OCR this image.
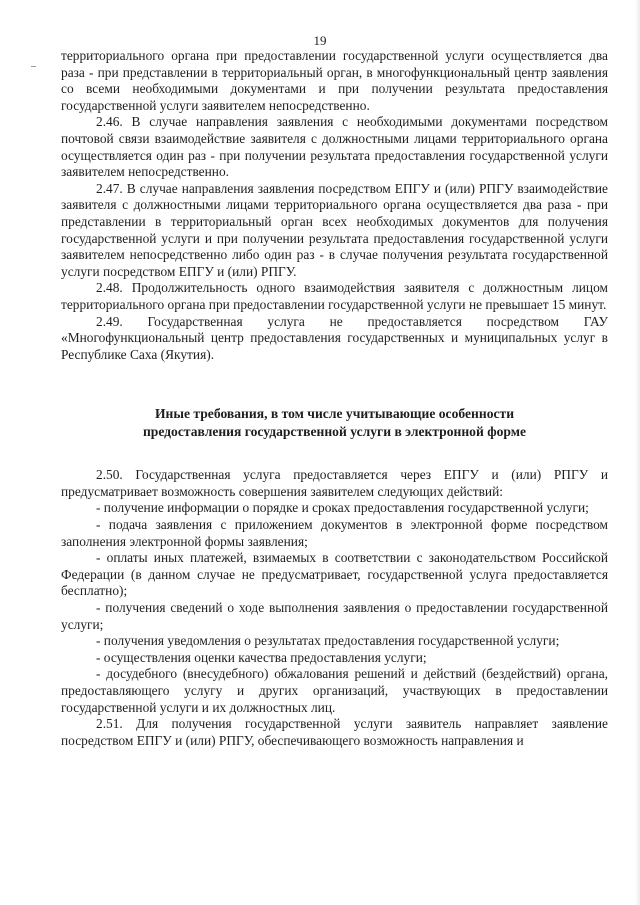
19

территориального органа при предоставлении государственной услуги осуществляется два раза - при представлении в территориальный орган, в многофункциональный центр заявления со всеми необходимыми документами и при получении результата предоставления государственной услуги заявителем непосредственно.

2.46. В случае направления заявления с необходимыми документами посредством почтовой связи взаимодействие заявителя с должностными лицами территориального органа осуществляется один раз - при получении результата предоставления государственной услуги заявителем непосредственно.

2.47. В случае направления заявления посредством ЕПГУ и (или) РПГУ взаимодействие заявителя с должностными лицами территориального органа осуществляется два раза - при представлении в территориальный орган всех необходимых документов для получения государственной услуги и при получении результата предоставления государственной услуги заявителем непосредственно либо один раз - в случае получения результата государственной услуги посредством ЕПГУ и (или) РПГУ.

2.48. Продолжительность одного взаимодействия заявителя с должностным лицом территориального органа при предоставлении государственной услуги не превышает 15 минут.

2.49. Государственная услуга не предоставляется посредством ГАУ «Многофункциональный центр предоставления государственных и муниципальных услуг в Республике Саха (Якутия).

Иные требования, в том числе учитывающие особенности
предоставления государственной услуги в электронной форме

2.50. Государственная услуга предоставляется через ЕПГУ и (или) РПГУ и предусматривает возможность совершения заявителем следующих действий:

- получение информации о порядке и сроках предоставления государственной услуги;

- подача заявления с приложением документов в электронной форме посредством заполнения электронной формы заявления;

- оплаты иных платежей, взимаемых в соответствии с законодательством Российской Федерации (в данном случае не предусматривает, государственной услуга предоставляется бесплатно);

- получения сведений о ходе выполнения заявления о предоставлении государственной услуги;

- получения уведомления о результатах предоставления государственной услуги;

- осуществления оценки качества предоставления услуги;

- досудебного (внесудебного) обжалования решений и действий (бездействий) органа, предоставляющего услугу и других организаций, участвующих в предоставлении государственной услуги и их должностных лиц.

2.51. Для получения государственной услуги заявитель направляет заявление посредством ЕПГУ и (или) РПГУ, обеспечивающего возможность направления и
